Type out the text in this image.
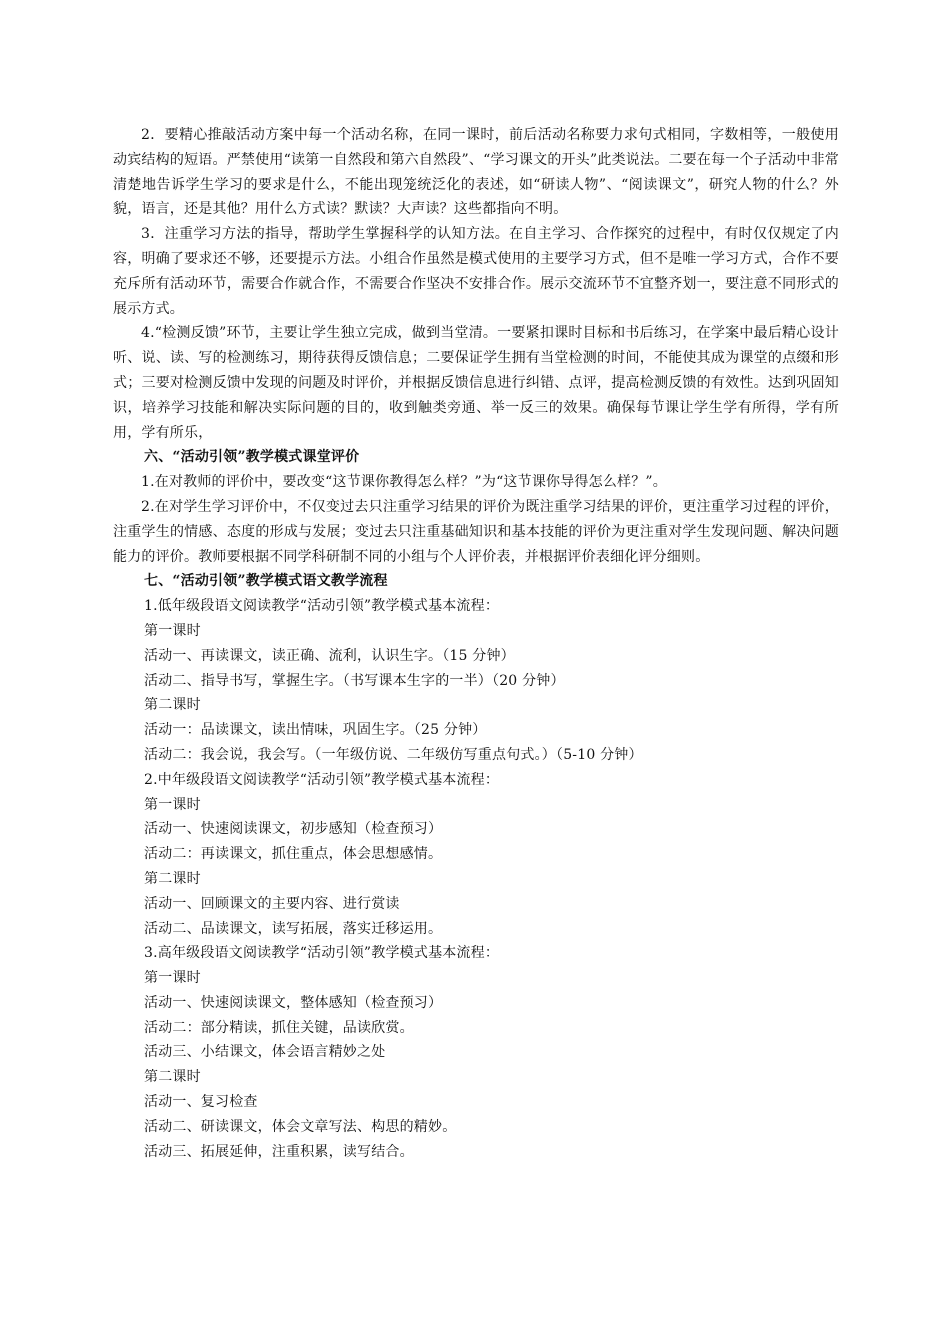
2．要精心推敲活动方案中每一个活动名称，在同一课时，前后活动名称要力求句式相同，字数相等，一般使用动宾结构的短语。严禁使用“读第一自然段和第六自然段”、“学习课文的开头”此类说法。二要在每一个子活动中非常清楚地告诉学生学习的要求是什么，不能出现笼统泛化的表述，如“研读人物”、“阅读课文”，研究人物的什么？外貌，语言，还是其他？用什么方式读？默读？大声读？这些都指向不明。

3．注重学习方法的指导，帮助学生掌握科学的认知方法。在自主学习、合作探究的过程中，有时仅仅规定了内容，明确了要求还不够，还要提示方法。小组合作虽然是模式使用的主要学习方式，但不是唯一学习方式，合作不要充斥所有活动环节，需要合作就合作，不需要合作坚决不安排合作。展示交流环节不宜整齐划一，要注意不同形式的展示方式。

4.“检测反馈”环节，主要让学生独立完成，做到当堂清。一要紧扣课时目标和书后练习，在学案中最后精心设计听、说、读、写的检测练习，期待获得反馈信息；二要保证学生拥有当堂检测的时间，不能使其成为课堂的点缀和形式；三要对检测反馈中发现的问题及时评价，并根据反馈信息进行纠错、点评，提高检测反馈的有效性。达到巩固知识，培养学习技能和解决实际问题的目的，收到触类旁通、举一反三的效果。确保每节课让学生学有所得，学有所用，学有所乐，

六、“活动引领”教学模式课堂评价

1.在对教师的评价中，要改变“这节课你教得怎么样？”为“这节课你导得怎么样？”。

2.在对学生学习评价中，不仅变过去只注重学习结果的评价为既注重学习结果的评价，更注重学习过程的评价，注重学生的情感、态度的形成与发展；变过去只注重基础知识和基本技能的评价为更注重对学生发现问题、解决问题能力的评价。教师要根据不同学科研制不同的小组与个人评价表，并根据评价表细化评分细则。

七、“活动引领”教学模式语文教学流程

1.低年级段语文阅读教学“活动引领”教学模式基本流程：

第一课时

活动一、再读课文，读正确、流利，认识生字。（15 分钟）

活动二、指导书写，掌握生字。（书写课本生字的一半）（20 分钟）

第二课时

活动一：品读课文，读出情味，巩固生字。（25 分钟）

活动二：我会说，我会写。（一年级仿说、二年级仿写重点句式。）（5-10 分钟）

2.中年级段语文阅读教学“活动引领”教学模式基本流程：

第一课时

活动一、快速阅读课文，初步感知（检查预习）

活动二：再读课文，抓住重点，体会思想感情。

第二课时

活动一、回顾课文的主要内容、进行赏读

活动二、品读课文，读写拓展，落实迁移运用。

3.高年级段语文阅读教学“活动引领”教学模式基本流程：

第一课时

活动一、快速阅读课文，整体感知（检查预习）

活动二：部分精读，抓住关键，品读欣赏。

活动三、小结课文，体会语言精妙之处

第二课时

活动一、复习检查

活动二、研读课文，体会文章写法、构思的精妙。

活动三、拓展延伸，注重积累，读写结合。
